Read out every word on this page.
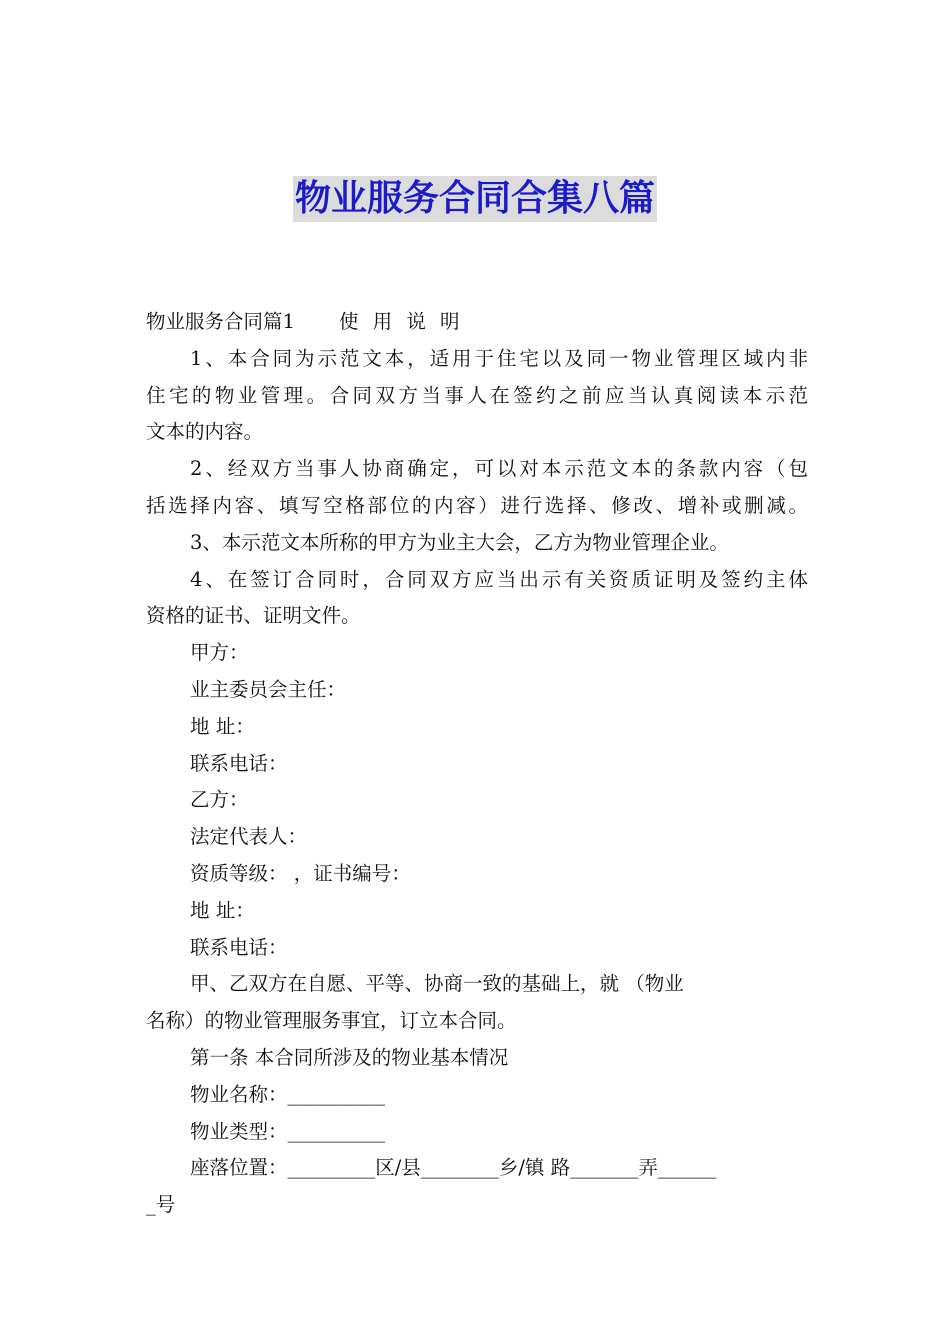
物业服务合同合集八篇
物业服务合同篇1 使 用 说 明
1、本合同为示范文本，适用于住宅以及同一物业管理区域内非
住宅的物业管理。合同双方当事人在签约之前应当认真阅读本示范
文本的内容。
2、经双方当事人协商确定，可以对本示范文本的条款内容（包
括选择内容、填写空格部位的内容）进行选择、修改、增补或删减。
3、本示范文本所称的甲方为业主大会，乙方为物业管理企业。
4、在签订合同时，合同双方应当出示有关资质证明及签约主体
资格的证书、证明文件。
甲方：
业主委员会主任：
地 址：
联系电话：
乙方：
法定代表人：
资质等级： ，证书编号：
地 址：
联系电话：
甲、乙双方在自愿、平等、协商一致的基础上，就 （物业
名称）的物业管理服务事宜，订立本合同。
第一条 本合同所涉及的物业基本情况
物业名称：__________
物业类型：__________
座落位置：_________区/县________乡/镇 路_______弄______
_号
